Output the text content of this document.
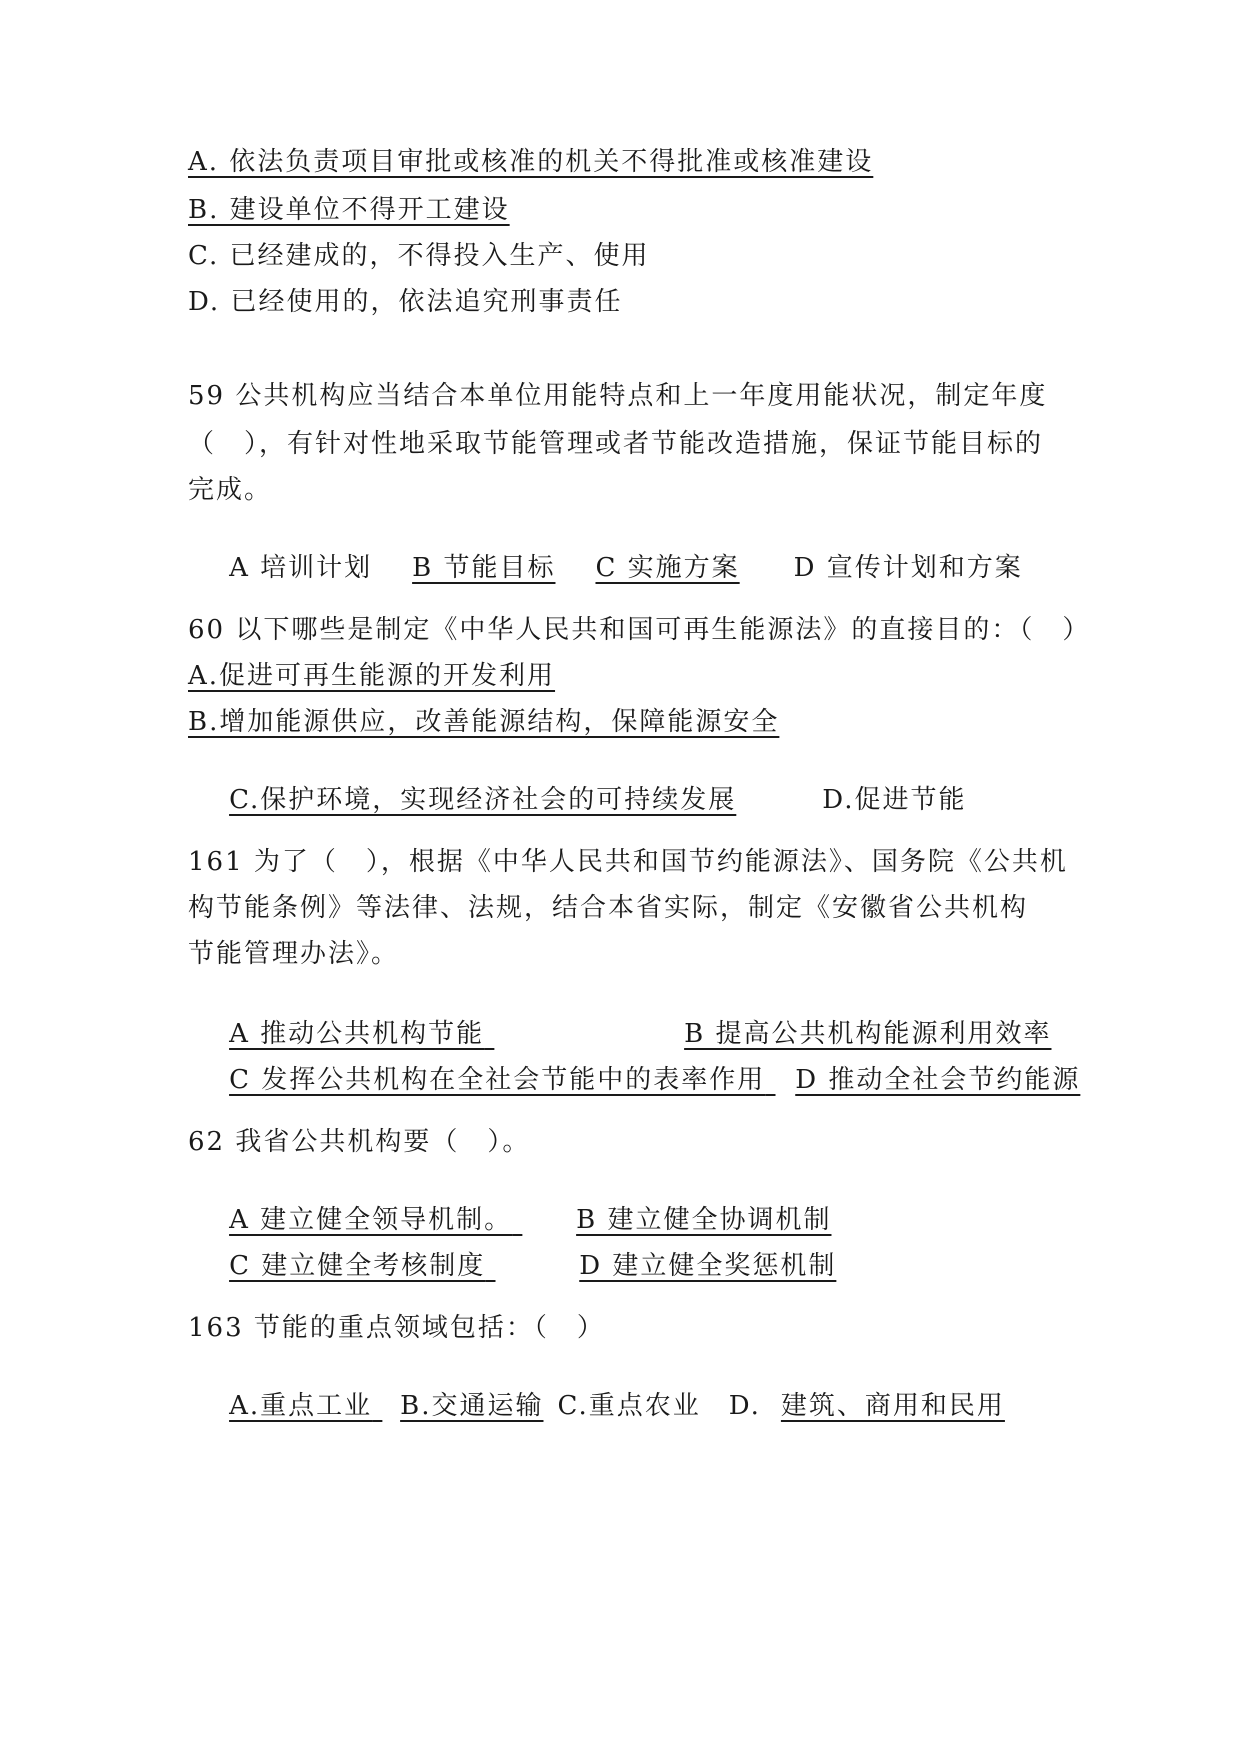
A. 依法负责项目审批或核准的机关不得批准或核准建设
B. 建设单位不得开工建设
C. 已经建成的，不得投入生产、使用
D. 已经使用的，依法追究刑事责任
59 公共机构应当结合本单位用能特点和上一年度用能状况，制定年度
（　），有针对性地采取节能管理或者节能改造措施，保证节能目标的
完成。

A 培训计划 B 节能目标 C 实施方案 D 宣传计划和方案

60 以下哪些是制定《中华人民共和国可再生能源法》的直接目的：（　）
A.促进可再生能源的开发利用
B.增加能源供应，改善能源结构，保障能源安全

C.保护环境，实现经济社会的可持续发展	D.促进节能

161 为了（　），根据《中华人民共和国节约能源法》、国务院《公共机
构节能条例》等法律、法规，结合本省实际，制定《安徽省公共机构
节能管理办法》。

A 推动公共机构节能	B 提高公共机构能源利用效率

C 发挥公共机构在全社会节能中的表率作用 D 推动全社会节约能源

62 我省公共机构要（　）。

A 建立健全领导机制。 B 建立健全协调机制

C 建立健全考核制度	D 建立健全奖惩机制

163 节能的重点领域包括：（　）

A.重点工业 B.交通运输 C.重点农业 D. 建筑、商用和民用
